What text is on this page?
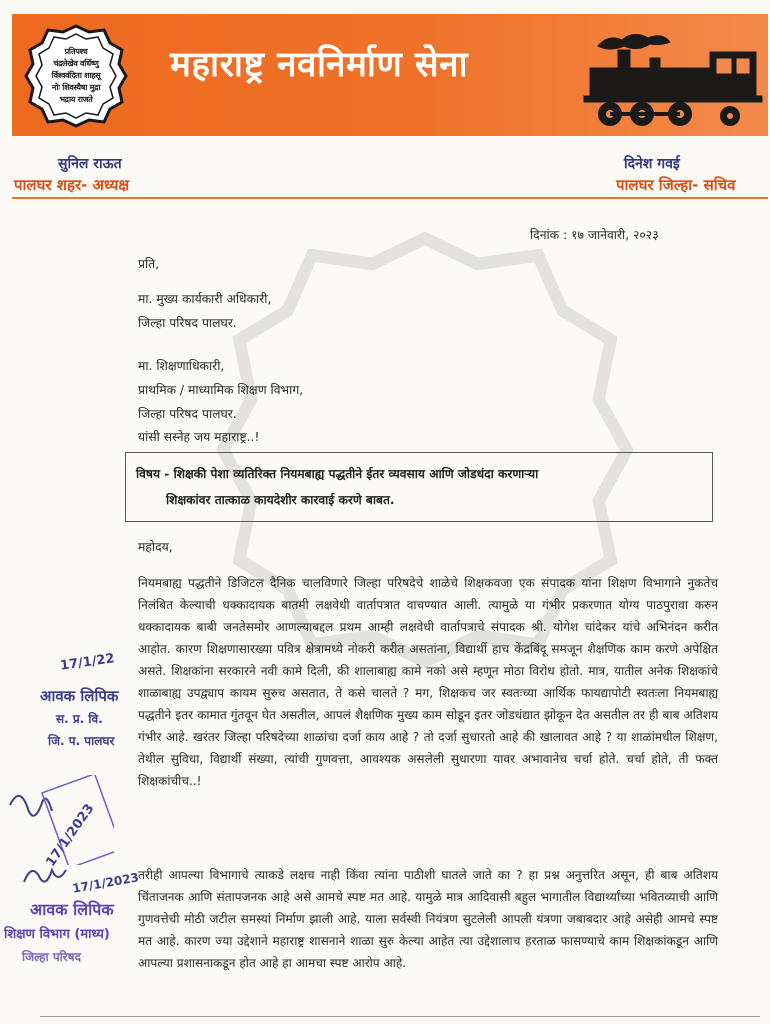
प्रतिपश्च
चंद्रलेखेव वर्धिष्णु
र्विश्ववंदिता शाहसू
नोः शिवस्यैषा मुद्रा
भद्राय राजते
महाराष्ट्र नवनिर्माण सेना
सुनिल राऊत
पालघर शहर- अध्यक्ष
दिनेश गवई
पालघर जिल्हा- सचिव
दिनांक : १७ जानेवारी, २०२३
प्रति,
मा. मुख्य कार्यकारी अधिकारी,
जिल्हा परिषद पालघर.
मा. शिक्षणाधिकारी,
प्राथमिक / माध्यामिक शिक्षण विभाग,
जिल्हा परिषद पालघर.
यांसी सस्नेह जय महाराष्ट्र..!
विषय - शिक्षकी पेशा व्यतिरिक्त नियमबाह्य पद्धतीने ईतर व्यवसाय आणि जोडधंदा करणाऱ्या
शिक्षकांवर तात्काळ कायदेशीर कारवाई करणे बाबत.
महोदय,
नियमबाह्य पद्धतीने डिजिटल दैनिक चालविणारे जिल्हा परिषदेचे शाळेचे शिक्षकवजा एक संपादक यांना शिक्षण विभागाने नुकतेच निलंबित केल्याची धक्कादायक बातमी लक्षवेधी वार्तापत्रात वाचण्यात आली. त्यामुळे या गंभीर प्रकरणात योग्य पाठपुरावा करुन धक्कादायक बाबी जनतेसमोर आणल्याबद्दल प्रथम आम्ही लक्षवेधी वार्तापत्राचे संपादक श्री. योगेश चांदेकर यांचे अभिनंदन करीत आहोत. कारण शिक्षणासारख्या पवित्र क्षेत्रामध्ये नोकरी करीत असतांना, विद्यार्थी हाच केंद्रबिंदू समजून शैक्षणिक काम करणे अपेक्षित असते. शिक्षकांना सरकारने नवी कामे दिली, की शालाबाह्य कामे नको असे म्हणून मोठा विरोध होतो. मात्र, यातील अनेक शिक्षकांचे शाळाबाह्य उपद्व्याप कायम सुरुच असतात, ते कसे चालते ? मग, शिक्षकच जर स्वतःच्या आर्थिक फायद्यापोटी स्वतःला नियमबाह्य पद्धतीने इतर कामात गुंतवून घेत असतील, आपलं शैक्षणिक मुख्य काम सोडून इतर जोडधंद्यात झोकून देत असतील तर ही बाब अतिशय गंभीर आहे. खरंतर जिल्हा परिषदेच्या शाळांचा दर्जा काय आहे ? तो दर्जा सुधारतो आहे की खालावत आहे ? या शाळांमधील शिक्षण, तेथील सुविधा, विद्यार्थी संख्या, त्यांची गुणवत्ता, आवश्यक असलेली सुधारणा यावर अभावानेच चर्चा होते. चर्चा होते, ती फक्त शिक्षकांचीच..!
तरीही आपल्या विभागाचे त्याकडे लक्षच नाही किंवा त्यांना पाठीशी घातले जाते का ? हा प्रश्न अनुत्तरित असून, ही बाब अतिशय चिंताजनक आणि संतापजनक आहे असे आमचे स्पष्ट मत आहे. यामुळे मात्र आदिवासी बहुल भागातील विद्यार्थ्यांच्या भवितव्याची आणि गुणवत्तेची मोठी जटील समस्यां निर्माण झाली आहे. याला सर्वस्वी नियंत्रण सुटलेली आपली यंत्रणा जबाबदार आहे असेही आमचे स्पष्ट मत आहे. कारण ज्या उद्देशाने महाराष्ट्र शासनाने शाळा सुरु केल्या आहेत त्या उद्देशालाच हरताळ फासण्याचे काम शिक्षकांकडून आणि आपल्या प्रशासनाकडून होत आहे हा आमचा स्पष्ट आरोप आहे.
17/1/22
आवक लिपिक
स. प्र. वि.
जि. प. पालघर
17/1/2023
17/1/2023
आवक लिपिक
शिक्षण विभाग (माध्य)
जिल्हा परिषद
